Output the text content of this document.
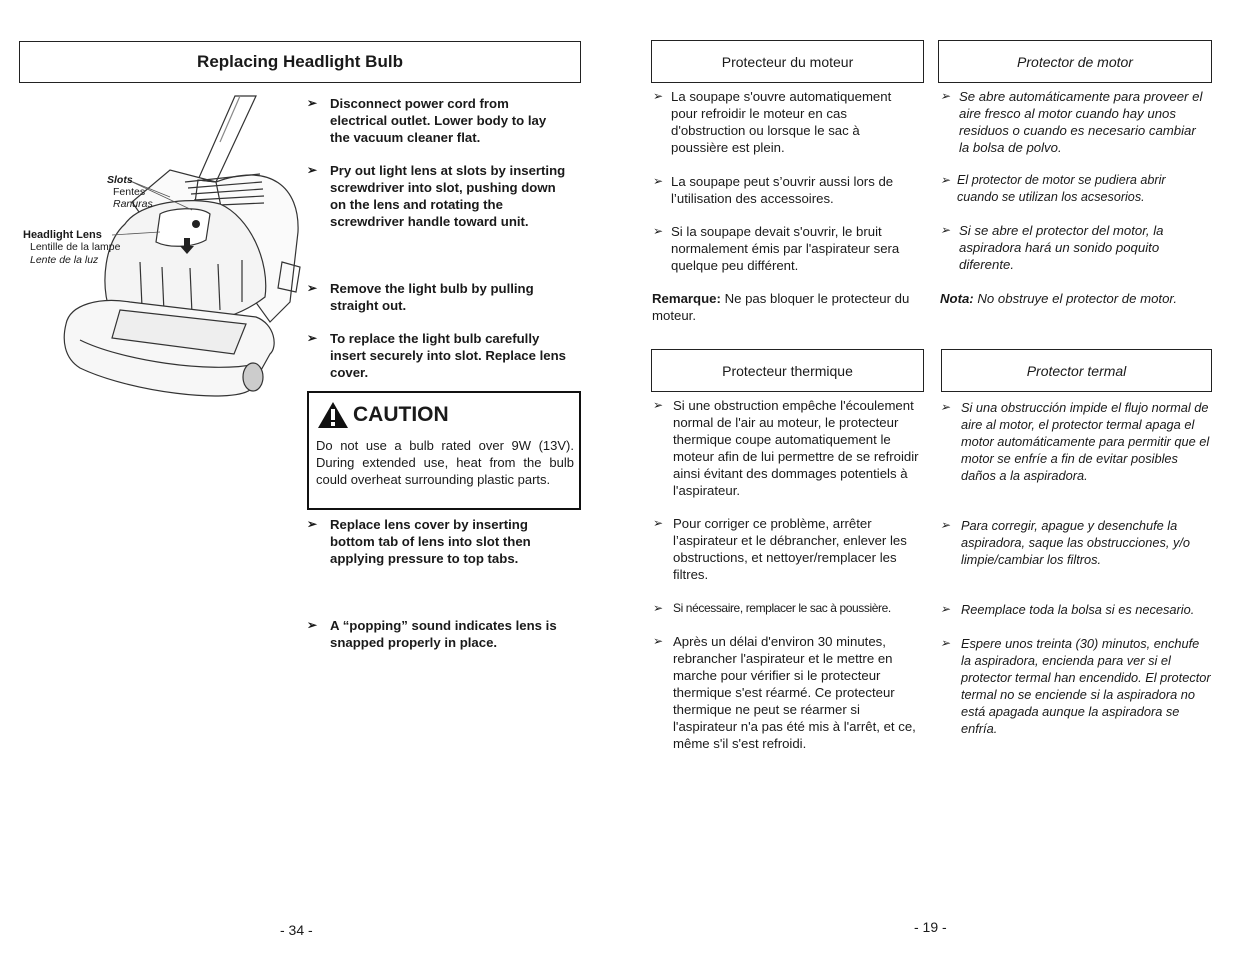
Replacing Headlight Bulb
Slots
Fentes
Ranuras
Headlight Lens
Lentille de la lampe
Lente de la luz
➢ Disconnect power cord from electrical outlet. Lower body to lay the vacuum cleaner flat.
➢ Pry out light lens at slots by inserting screwdriver into slot, pushing down on the lens and rotating the screwdriver handle toward unit.
➢ Remove the light bulb by pulling straight out.
➢ To replace the light bulb carefully insert securely into slot. Replace lens cover.
➢ Replace lens cover by inserting bottom tab of lens into slot then applying pressure to top tabs.
➢ A “popping” sound indicates lens is snapped properly in place.
CAUTION
Do not use a bulb rated over 9W (13V). During extended use, heat from the bulb could overheat surrounding plastic parts.
- 34 -
Protecteur du moteur
➢ La soupape s'ouvre automatiquement pour refroidir le moteur en cas d'obstruction ou lorsque le sac à poussière est plein.
➢ La soupape peut s’ouvrir aussi lors de l’utilisation des accessoires.
➢ Si la soupape devait s'ouvrir, le bruit normalement émis par l'aspirateur sera quelque peu différent.
Remarque: Ne pas bloquer le protecteur du moteur.
Protector de motor
➢ Se abre automáticamente para proveer el aire fresco al motor cuando hay unos residuos o cuando es necesario cambiar la bolsa de polvo.
➢ El protector de motor se pudiera abrir cuando se utilizan los acsesorios.
➢ Si se abre el protector del motor, la aspiradora hará un sonido poquito diferente.
Nota: No obstruye el protector de motor.
Protecteur thermique
➢ Si une obstruction empêche l'écoulement normal de l'air au moteur, le protecteur thermique coupe automatiquement le moteur afin de lui permettre de se refroidir ainsi évitant des dommages potentiels à l'aspirateur.
➢ Pour corriger ce problème, arrêter l’aspirateur et le débrancher, enlever les obstructions, et nettoyer/remplacer les filtres.
➢ Si nécessaire, remplacer le sac à poussière.
➢ Après un délai d'environ 30 minutes, rebrancher l'aspirateur et le mettre en marche pour vérifier si le protecteur thermique s'est réarmé. Ce protecteur thermique ne peut se réarmer si l'aspirateur n'a pas été mis à l'arrêt, et ce, même s'il s'est refroidi.
Protector termal
➢ Si una obstrucción impide el flujo normal de aire al motor, el protector termal apaga el motor automáticamente para permitir que el motor se enfríe a fin de evitar posibles daños a la aspiradora.
➢ Para corregir, apague y desenchufe la aspiradora, saque las obstrucciones, y/o limpie/cambiar los filtros.
➢ Reemplace toda la bolsa si es necesario.
➢ Espere unos treinta (30) minutos, enchufe la aspiradora, encienda para ver si el protector termal han encendido. El protector termal no se enciende si la aspiradora no está apagada aunque la aspiradora se enfría.
- 19 -
